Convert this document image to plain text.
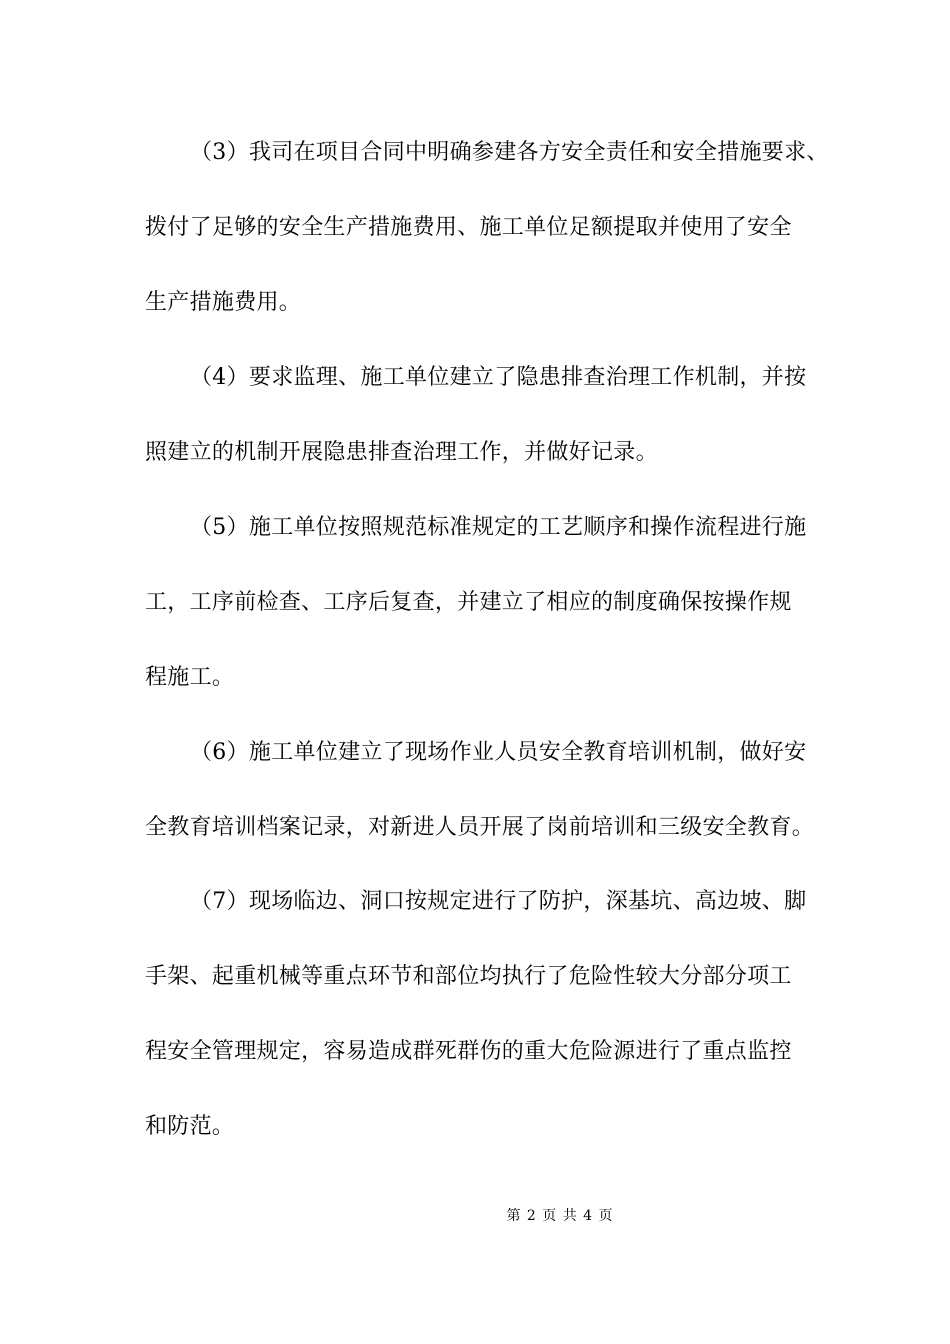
（3）我司在项目合同中明确参建各方安全责任和安全措施要求、
拨付了足够的安全生产措施费用、施工单位足额提取并使用了安全
生产措施费用。
（4）要求监理、施工单位建立了隐患排查治理工作机制，并按
照建立的机制开展隐患排查治理工作，并做好记录。
（5）施工单位按照规范标准规定的工艺顺序和操作流程进行施
工，工序前检查、工序后复查，并建立了相应的制度确保按操作规
程施工。
（6）施工单位建立了现场作业人员安全教育培训机制，做好安
全教育培训档案记录，对新进人员开展了岗前培训和三级安全教育。
（7）现场临边、洞口按规定进行了防护，深基坑、高边坡、脚
手架、起重机械等重点环节和部位均执行了危险性较大分部分项工
程安全管理规定，容易造成群死群伤的重大危险源进行了重点监控
和防范。
第 2 页 共 4 页
